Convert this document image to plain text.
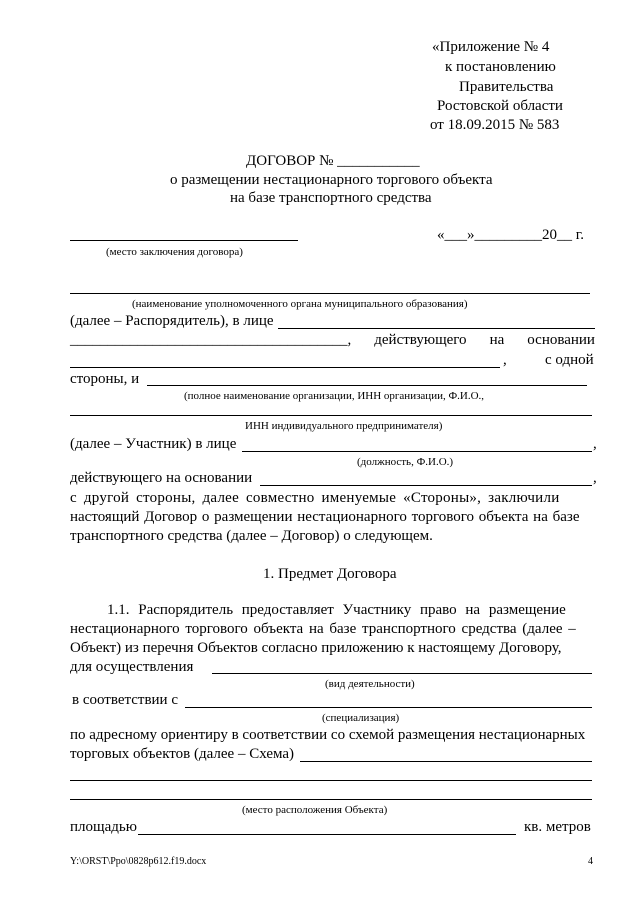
«Приложение № 4
к постановлению
Правительства
Ростовской области
от 18.09.2015 № 583
ДОГОВОР № ___________
о размещении нестационарного торгового объекта
на базе транспортного средства
(место заключения договора)
«___»_________20__ г.
(наименование уполномоченного органа муниципального образования)
(далее – Распорядитель), в лице
_____________________________________, действующего на основании
,	с одной
стороны, и
(полное наименование организации, ИНН организации, Ф.И.О.,
ИНН индивидуального предпринимателя)
(далее – Участник) в лице	,
(должность, Ф.И.О.)
действующего на основании	,
с другой стороны, далее совместно именуемые «Стороны», заключили
настоящий Договор о размещении нестационарного торгового объекта на базе
транспортного средства (далее – Договор) о следующем.
1. Предмет Договора
1.1. Распорядитель предоставляет Участнику право на размещение
нестационарного торгового объекта на базе транспортного средства (далее –
Объект) из перечня Объектов согласно приложению к настоящему Договору,
для осуществления
(вид деятельности)
в соответствии с
(специализация)
по адресному ориентиру в соответствии со схемой размещения нестационарных
торговых объектов (далее – Схема)
(место расположения Объекта)
площадью	кв. метров
Y:\ORST\Ppo\0828p612.f19.docx	4
